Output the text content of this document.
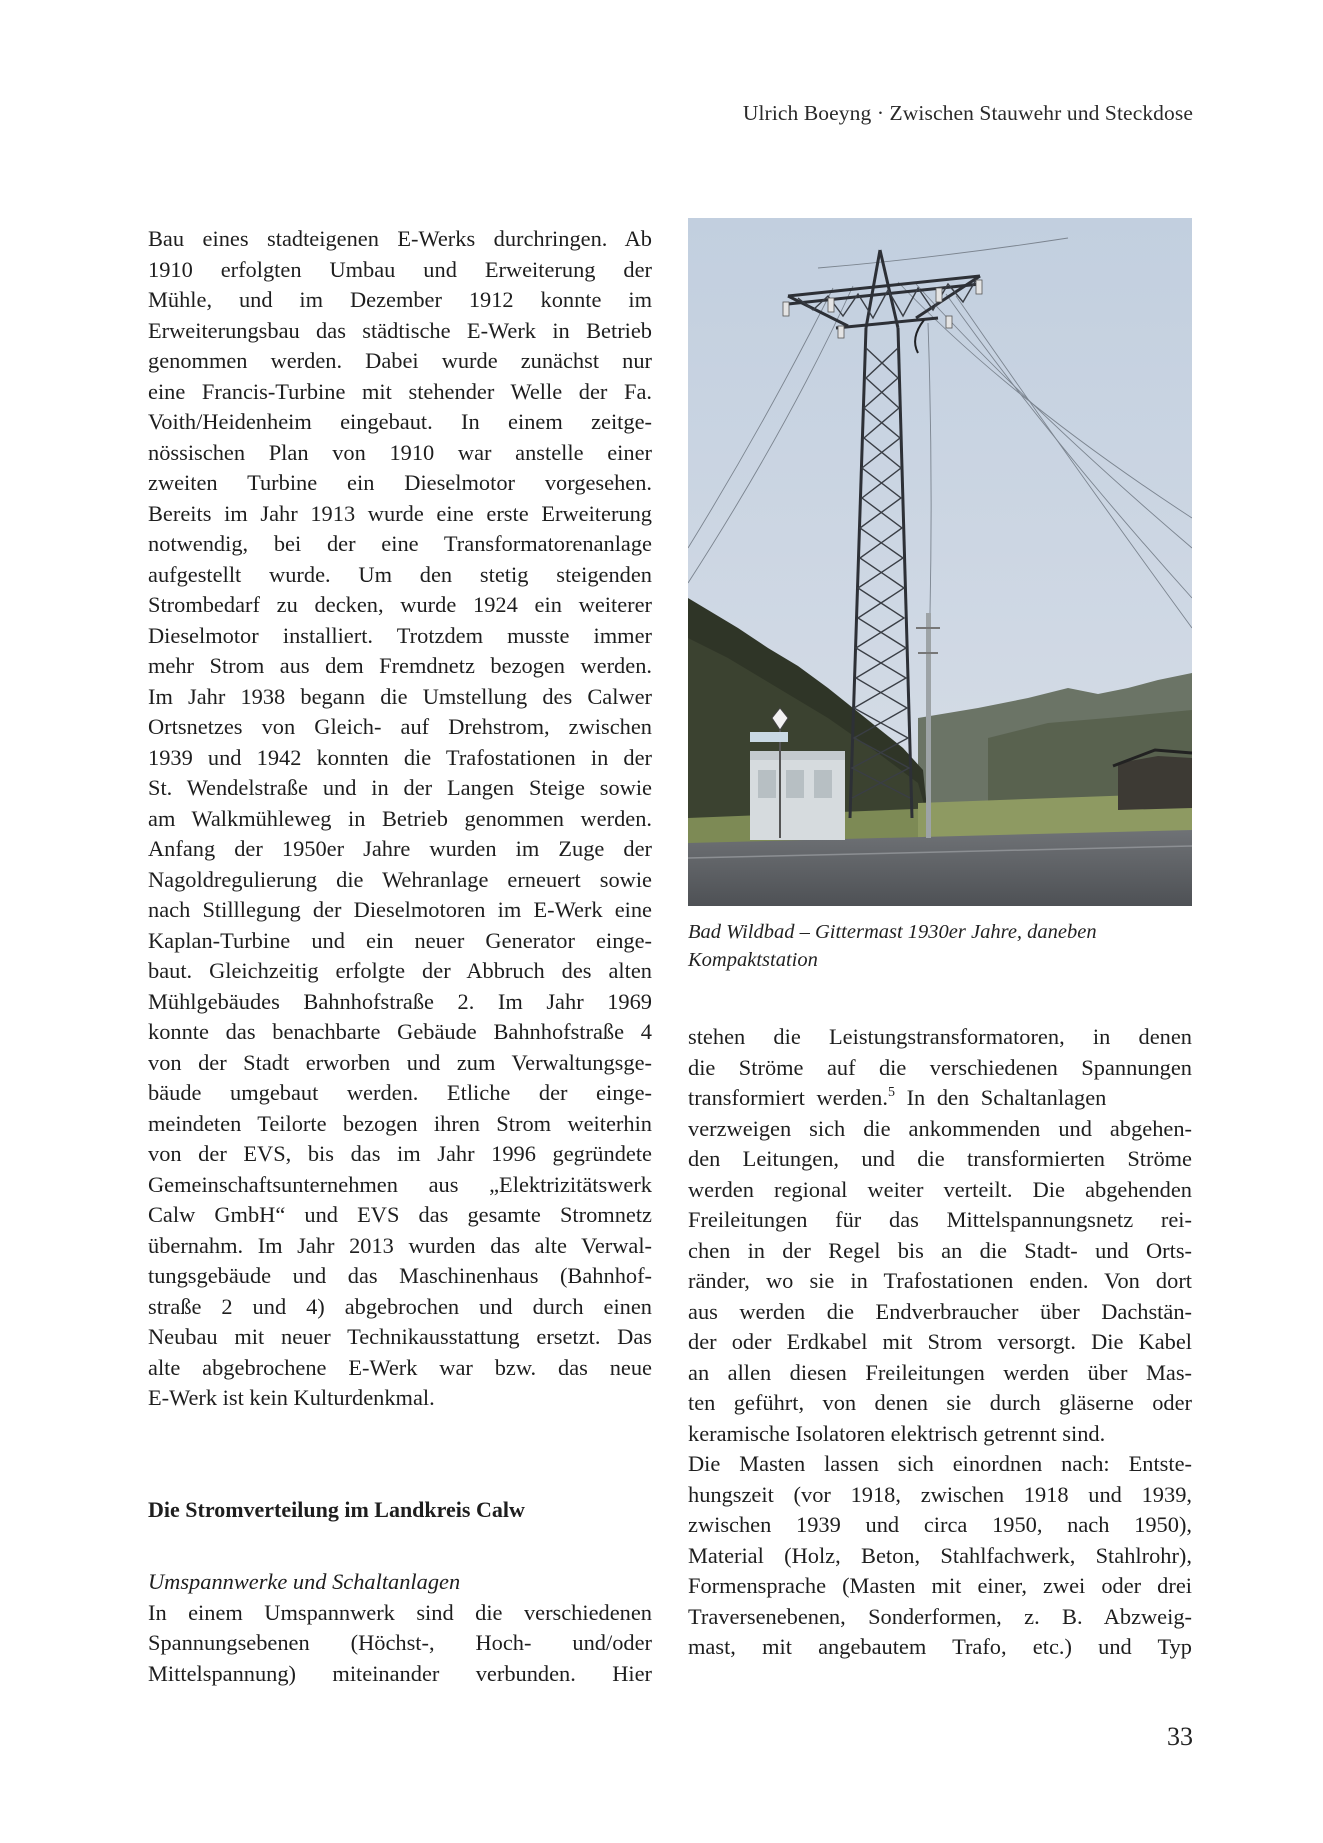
Ulrich Boeyng · Zwischen Stauwehr und Steckdose
Bau eines stadteigenen E-Werks durchringen. Ab
1910 erfolgten Umbau und Erweiterung der
Mühle, und im Dezember 1912 konnte im
Erweiterungsbau das städtische E-Werk in Betrieb
genommen werden. Dabei wurde zunächst nur
eine Francis-Turbine mit stehender Welle der Fa.
Voith/Heidenheim eingebaut. In einem zeitge-
nössischen Plan von 1910 war anstelle einer
zweiten Turbine ein Dieselmotor vorgesehen.
Bereits im Jahr 1913 wurde eine erste Erweiterung
notwendig, bei der eine Transformatorenanlage
aufgestellt wurde. Um den stetig steigenden
Strombedarf zu decken, wurde 1924 ein weiterer
Dieselmotor installiert. Trotzdem musste immer
mehr Strom aus dem Fremdnetz bezogen werden.
Im Jahr 1938 begann die Umstellung des Calwer
Ortsnetzes von Gleich- auf Drehstrom, zwischen
1939 und 1942 konnten die Trafostationen in der
St. Wendelstraße und in der Langen Steige sowie
am Walkmühleweg in Betrieb genommen werden.
Anfang der 1950er Jahre wurden im Zuge der
Nagoldregulierung die Wehranlage erneuert sowie
nach Stilllegung der Dieselmotoren im E-Werk eine
Kaplan-Turbine und ein neuer Generator einge-
baut. Gleichzeitig erfolgte der Abbruch des alten
Mühlgebäudes Bahnhofstraße 2. Im Jahr 1969
konnte das benachbarte Gebäude Bahnhofstraße 4
von der Stadt erworben und zum Verwaltungsge-
bäude umgebaut werden. Etliche der einge-
meindeten Teilorte bezogen ihren Strom weiterhin
von der EVS, bis das im Jahr 1996 gegründete
Gemeinschaftsunternehmen aus „Elektrizitätswerk
Calw GmbH“ und EVS das gesamte Stromnetz
übernahm. Im Jahr 2013 wurden das alte Verwal-
tungsgebäude und das Maschinenhaus (Bahnhof-
straße 2 und 4) abgebrochen und durch einen
Neubau mit neuer Technikausstattung ersetzt. Das
alte abgebrochene E-Werk war bzw. das neue
E-Werk ist kein Kulturdenkmal.
Die Stromverteilung im Landkreis Calw
Umspannwerke und Schaltanlagen
In einem Umspannwerk sind die verschiedenen
Spannungsebenen (Höchst-, Hoch- und/oder
Mittelspannung) miteinander verbunden. Hier
Bad Wildbad – Gittermast 1930er Jahre, daneben
Kompaktstation
stehen die Leistungstransformatoren, in denen
die Ströme auf die verschiedenen Spannungen
transformiert werden.$^5$ In den Schaltanlagen
verzweigen sich die ankommenden und abgehen-
den Leitungen, und die transformierten Ströme
werden regional weiter verteilt. Die abgehenden
Freileitungen für das Mittelspannungsnetz rei-
chen in der Regel bis an die Stadt- und Orts-
ränder, wo sie in Trafostationen enden. Von dort
aus werden die Endverbraucher über Dachstän-
der oder Erdkabel mit Strom versorgt. Die Kabel
an allen diesen Freileitungen werden über Mas-
ten geführt, von denen sie durch gläserne oder
keramische Isolatoren elektrisch getrennt sind.
Die Masten lassen sich einordnen nach: Entste-
hungszeit (vor 1918, zwischen 1918 und 1939,
zwischen 1939 und circa 1950, nach 1950),
Material (Holz, Beton, Stahlfachwerk, Stahlrohr),
Formensprache (Masten mit einer, zwei oder drei
Traversenebenen, Sonderformen, z. B. Abzweig-
mast, mit angebautem Trafo, etc.) und Typ
33
